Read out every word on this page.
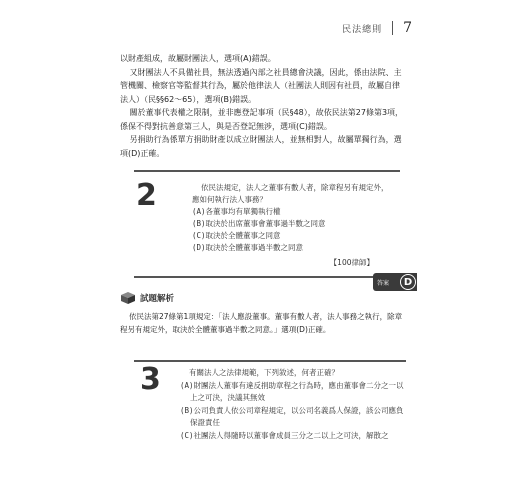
民法總則 7

以財產組成，故屬財團法人，選項(A)錯誤。

又財團法人不具備社員，無法透過內部之社員總會決議，因此，係由法院、主管機關、檢察官等監督其行為，屬於他律法人（社團法人則因有社員，故屬自律法人）（民§§62～65），選項(B)錯誤。

關於董事代表權之限制，並非應登記事項（民§48），故依民法第27條第3項，係保不得對抗善意第三人，與是否登記無涉，選項(C)錯誤。

另捐助行為係單方捐助財產以成立財團法人，並無相對人，故屬單獨行為，選項(D)正確。

2	依民法規定，法人之董事有數人者，除章程另有規定外，應如何執行法人事務？
(A)各董事均有單獨執行權
(B)取決於出席董事會董事過半數之同意
(C)取決於全體董事之同意
(D)取決於全體董事過半數之同意
【100律師】
答案	D
試題解析

依民法第27條第1項規定：「法人應設董事。董事有數人者，法人事務之執行，除章程另有規定外，取決於全體董事過半數之同意。」選項(D)正確。

3	有關法人之法律規範，下列敘述，何者正確？
(A)財團法人董事有違反捐助章程之行為時，應由董事會二分之一以上之可決，決議其無效
(B)公司負責人依公司章程規定，以公司名義爲人保證，該公司應負保證責任
(C)社團法人得隨時以董事會成員三分之二以上之可決，解散之
